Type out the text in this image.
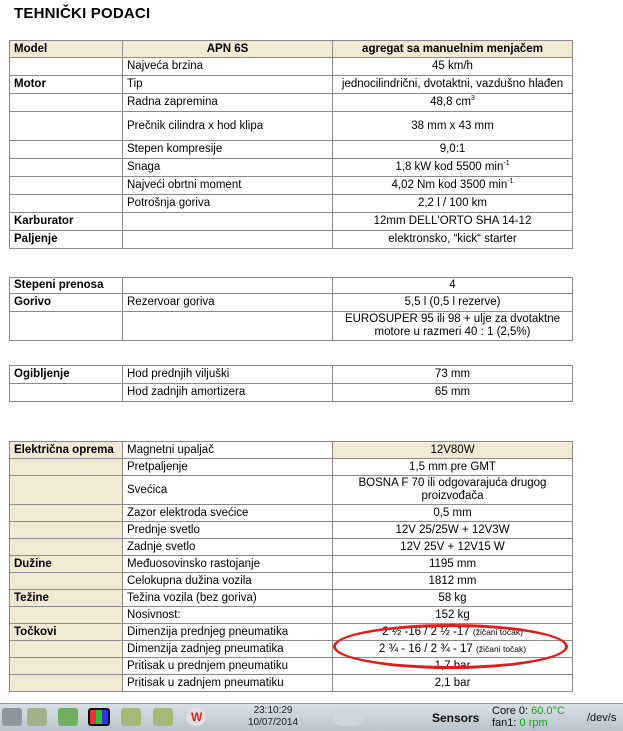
TEHNIČKI PODACI
Model	APN 6S	agregat sa manuelnim menjačem
	Najveća brzina	45 km/h
Motor	Tip	jednocilindrični, dvotaktni, vazdušno hlađen
	Radna zapremina	48,8 $cm^3$
	Prečnik cilindra x hod klipa	38 mm x 43 mm
	Stepen kompresije	9,0:1
	Snaga	1,8 kW kod 5500 $\min^{-1}$
	Najveći obrtni moment	4,02 Nm kod 3500 $\min^{-1}$
	Potrošnja goriva	2,2 l / 100 km
Karburator		12mm DELL'ORTO SHA 14-12
Paljenje		elektronsko, “kick“ starter
Stepeni prenosa		4
Gorivo	Rezervoar goriva	5,5 l (0,5 l rezerve)
		EUROSUPER 95 ili 98 + ulje za dvotaktne motore u razmeri 40 : 1 (2,5%)
Ogibljenje	Hod prednjih viljuški	73 mm
	Hod zadnjih amortizera	65 mm
Električna oprema	Magnetni upaljač	12V80W
	Pretpaljenje	1,5 mm pre GMT
	Svećica	BOSNA F 70 ili odgovarajuća drugog proizvođača
	Zazor elektroda svećice	0,5 mm
	Prednje svetlo	12V 25/25W + 12V3W
	Zadnje svetlo	12V 25V + 12V15 W
Dužine	Međuosovinsko rastojanje	1195 mm
	Celokupna dužina vozila	1812 mm
Težine	Težina vozila (bez goriva)	58 kg
	Nosivnost:	152 kg
Točkovi	Dimenzija prednjeg pneumatika	2 ½ -16 / 2 ½ -17 (žičani točak)
	Dimenzija zadnjeg pneumatika	2 ¾ - 16 / 2 ¾ - 17 (žičani točak)
	Pritisak u prednjem pneumatiku	1,7 bar
	Pritisak u zadnjem pneumatiku	2,1 bar
W	23:10:29
10/07/2014	Sensors Core 0: 60.0°C
fan1: 0 rpm	/dev/s
